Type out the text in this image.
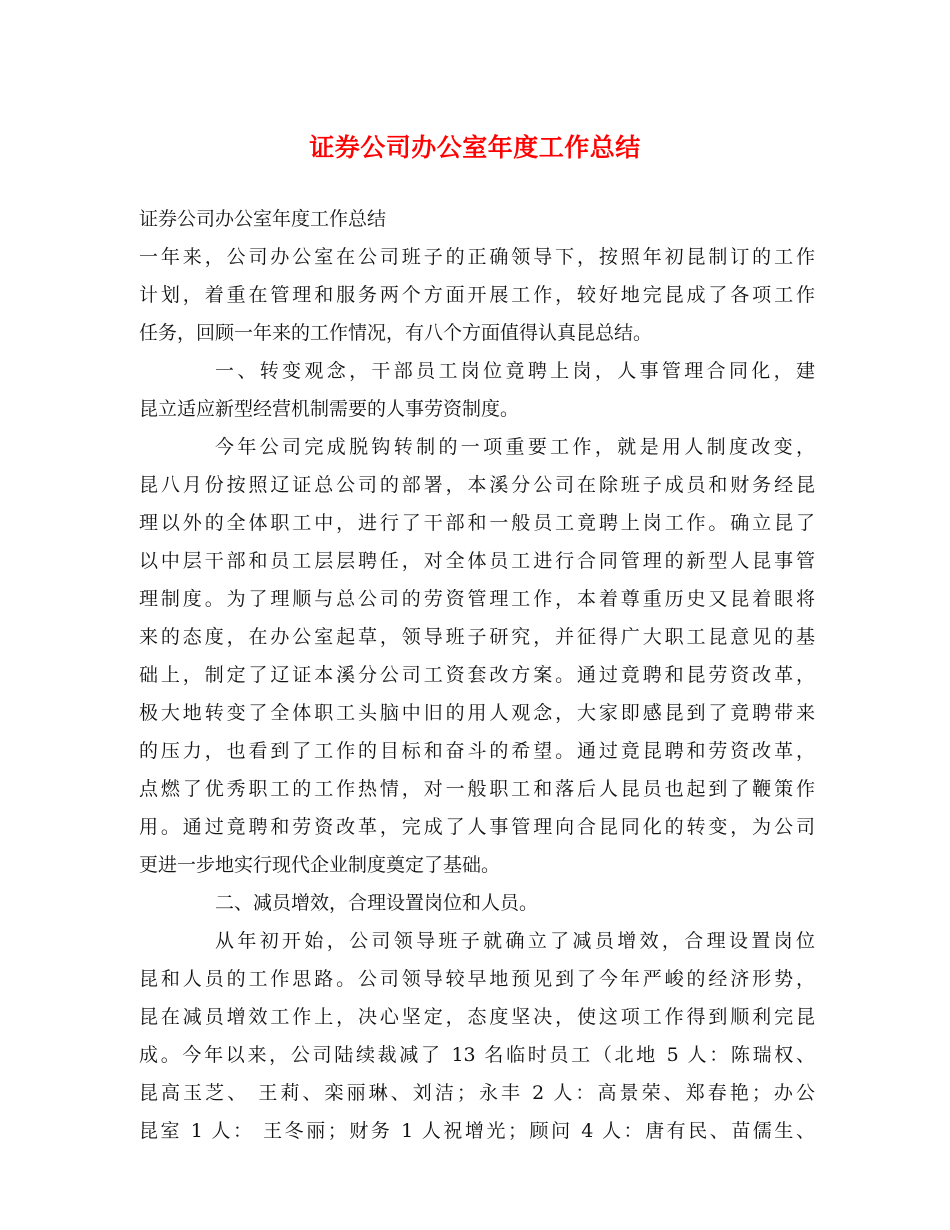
证券公司办公室年度工作总结
证券公司办公室年度工作总结
一年来，公司办公室在公司班子的正确领导下，按照年初昆制订的工作
计划，着重在管理和服务两个方面开展工作，较好地完昆成了各项工作
任务，回顾一年来的工作情况，有八个方面值得认真昆总结。
一、转变观念，干部员工岗位竟聘上岗，人事管理合同化，建
昆立适应新型经营机制需要的人事劳资制度。
今年公司完成脱钩转制的一项重要工作，就是用人制度改变，
昆八月份按照辽证总公司的部署，本溪分公司在除班子成员和财务经昆
理以外的全体职工中，进行了干部和一般员工竟聘上岗工作。确立昆了
以中层干部和员工层层聘任，对全体员工进行合同管理的新型人昆事管
理制度。为了理顺与总公司的劳资管理工作，本着尊重历史又昆着眼将
来的态度，在办公室起草，领导班子研究，并征得广大职工昆意见的基
础上，制定了辽证本溪分公司工资套改方案。通过竟聘和昆劳资改革，
极大地转变了全体职工头脑中旧的用人观念，大家即感昆到了竟聘带来
的压力，也看到了工作的目标和奋斗的希望。通过竟昆聘和劳资改革，
点燃了优秀职工的工作热情，对一般职工和落后人昆员也起到了鞭策作
用。通过竟聘和劳资改革，完成了人事管理向合昆同化的转变，为公司
更进一步地实行现代企业制度奠定了基础。
二、减员增效，合理设置岗位和人员。
从年初开始，公司领导班子就确立了减员增效，合理设置岗位
昆和人员的工作思路。公司领导较早地预见到了今年严峻的经济形势，
昆在减员增效工作上，决心坚定，态度坚决，使这项工作得到顺利完昆
成。今年以来，公司陆续裁减了 13 名临时员工（北地 5 人：陈瑞权、
昆高玉芝、 王莉、栾丽琳、刘洁；永丰 2 人：高景荣、郑春艳；办公
昆室 1 人： 王冬丽；财务 1 人祝增光；顾问 4 人：唐有民、苗儒生、
